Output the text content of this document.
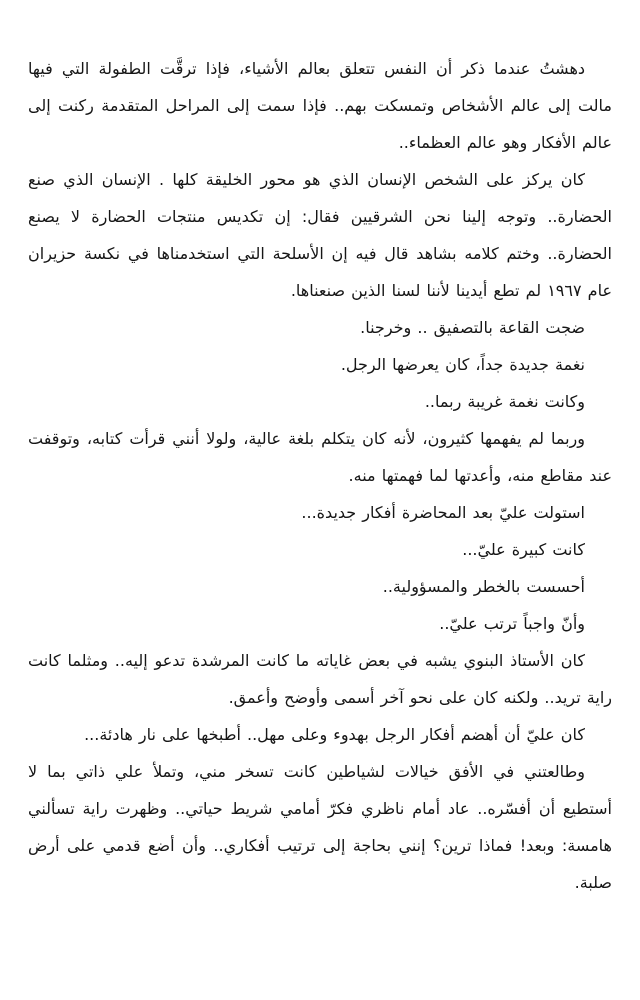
دهشتُ عندما ذكر أن النفس تتعلق بعالم الأشياء، فإذا ترقَّت الطفولة التي فيها مالت إلى عالم الأشخاص وتمسكت بهم.. فإذا سمت إلى المراحل المتقدمة ركنت إلى عالم الأفكار وهو عالم العظماء..

كان يركز على الشخص الإنسان الذي هو محور الخليقة كلها . الإنسان الذي صنع الحضارة.. وتوجه إلينا نحن الشرقيين فقال: إن تكديس منتجات الحضارة لا يصنع الحضارة.. وختم كلامه بشاهد قال فيه إن الأسلحة التي استخدمناها في نكسة حزيران عام ١٩٦٧ لم تطع أيدينا لأننا لسنا الذين صنعناها.

ضجت القاعة بالتصفيق .. وخرجنا.

نغمة جديدة جداً، كان يعرضها الرجل.

وكانت نغمة غريبة ربما..

وربما لم يفهمها كثيرون، لأنه كان يتكلم بلغة عالية، ولولا أنني قرأت كتابه، وتوقفت عند مقاطع منه، وأعدتها لما فهمتها منه.

استولت عليّ بعد المحاضرة أفكار جديدة...

كانت كبيرة عليّ...

أحسست بالخطر والمسؤولية..

وأنّ واجباً ترتب عليّ..

كان الأستاذ البنوي يشبه في بعض غاياته ما كانت المرشدة تدعو إليه.. ومثلما كانت راية تريد.. ولكنه كان على نحو آخر أسمى وأوضح وأعمق.

كان عليّ أن أهضم أفكار الرجل بهدوء وعلى مهل.. أطبخها على نار هادئة...

وطالعتني في الأفق خيالات لشياطين كانت تسخر مني، وتملأ علي ذاتي بما لا أستطيع أن أفسّره.. عاد أمام ناظري فكرّ أمامي شريط حياتي.. وظهرت راية تسألني هامسة: وبعد! فماذا ترين؟ إنني بحاجة إلى ترتيب أفكاري.. وأن أضع قدمي على أرض صلبة.
